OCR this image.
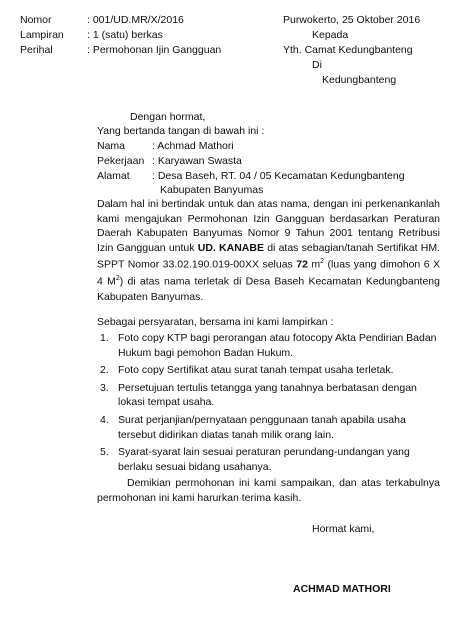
Nomor	: 001/UD.MR/X/2016
Lampiran : 1 (satu) berkas
Perihal	: Permohonan Ijin Gangguan
Purwokerto, 25 Oktober 2016
Kepada
Yth. Camat Kedungbanteng
Di
Kedungbanteng
Dengan hormat,
Yang bertanda tangan di bawah ini :
Nama	: Achmad Mathori
Pekerjaan : Karyawan Swasta
Alamat : Desa Baseh, RT. 04 / 05 Kecamatan Kedungbanteng
Kabupaten Banyumas
Dalam hal ini bertindak untuk dan atas nama, dengan ini perkenankanlah kami mengajukan Permohonan Izin Gangguan berdasarkan Peraturan Daerah Kabupaten Banyumas Nomor 9 Tahun 2001 tentang Retribusi Izin Gangguan untuk UD. KANABE di atas sebagian/tanah Sertifikat HM. SPPT Nomor 33.02.190.019-00XX seluas 72 $m^2$ (luas yang dimohon 6 X 4 $M^2$) di atas nama terletak di Desa Baseh Kecamatan Kedungbanteng Kabupaten Banyumas.
Sebagai persyaratan, bersama ini kami lampirkan :
1. Foto copy KTP bagi perorangan atau fotocopy Akta Pendirian Badan Hukum bagi pemohon Badan Hukum.
2. Foto copy Sertifikat atau surat tanah tempat usaha terletak.
3. Persetujuan tertulis tetangga yang tanahnya berbatasan dengan lokasi tempat usaha.
4. Surat perjanjian/pernyataan penggunaan tanah apabila usaha tersebut didirikan diatas tanah milik orang lain.
5. Syarat-syarat lain sesuai peraturan perundang-undangan yang berlaku sesuai bidang usahanya.
Demikian permohonan ini kami sampaikan, dan atas terkabulnya permohonan ini kami harurkan terima kasih.
Hormat kami,
ACHMAD MATHORI
